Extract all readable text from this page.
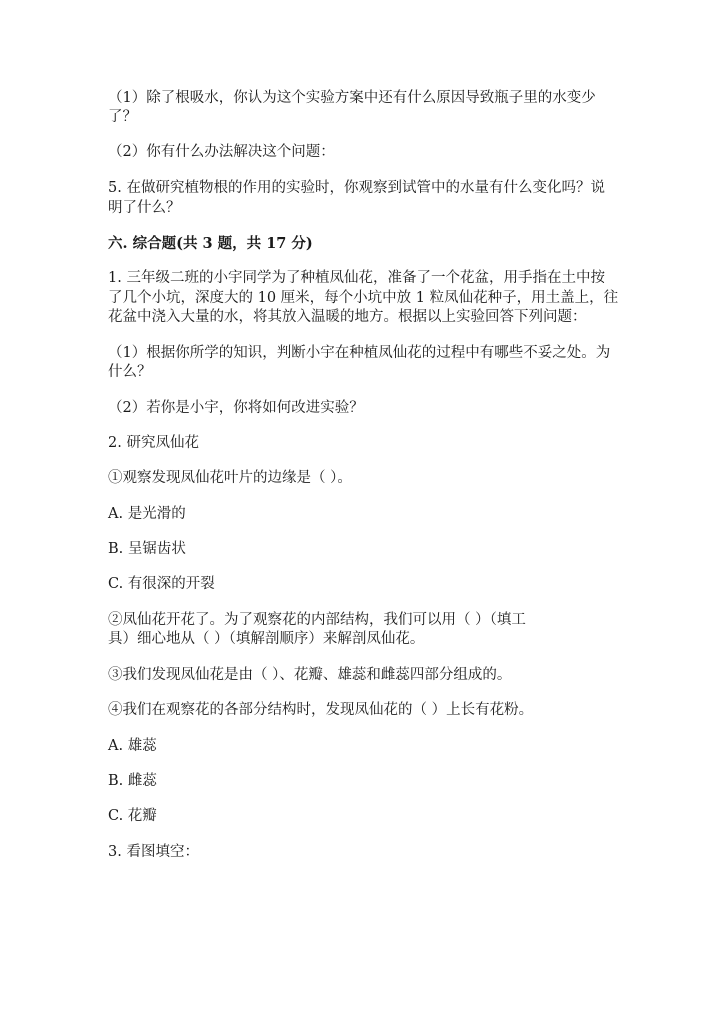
（1）除了根吸水，你认为这个实验方案中还有什么原因导致瓶子里的水变少
了？
（2）你有什么办法解决这个问题：
5. 在做研究植物根的作用的实验时，你观察到试管中的水量有什么变化吗？说
明了什么？
六. 综合题(共 3 题，共 17 分)
1. 三年级二班的小宇同学为了种植凤仙花，准备了一个花盆，用手指在土中按
了几个小坑，深度大的 10 厘米，每个小坑中放 1 粒凤仙花种子，用土盖上，往
花盆中浇入大量的水，将其放入温暖的地方。根据以上实验回答下列问题：
（1）根据你所学的知识，判断小宇在种植凤仙花的过程中有哪些不妥之处。为
什么？
（2）若你是小宇，你将如何改进实验？
2. 研究凤仙花
①观察发现凤仙花叶片的边缘是（ ）。
A. 是光滑的
B. 呈锯齿状
C. 有很深的开裂
②凤仙花开花了。为了观察花的内部结构，我们可以用（ ）（填工
具）细心地从（ ）（填解剖顺序）来解剖凤仙花。
③我们发现凤仙花是由（ ）、花瓣、雄蕊和雌蕊四部分组成的。
④我们在观察花的各部分结构时，发现凤仙花的（ ）上长有花粉。
A. 雄蕊
B. 雌蕊
C. 花瓣
3. 看图填空：
